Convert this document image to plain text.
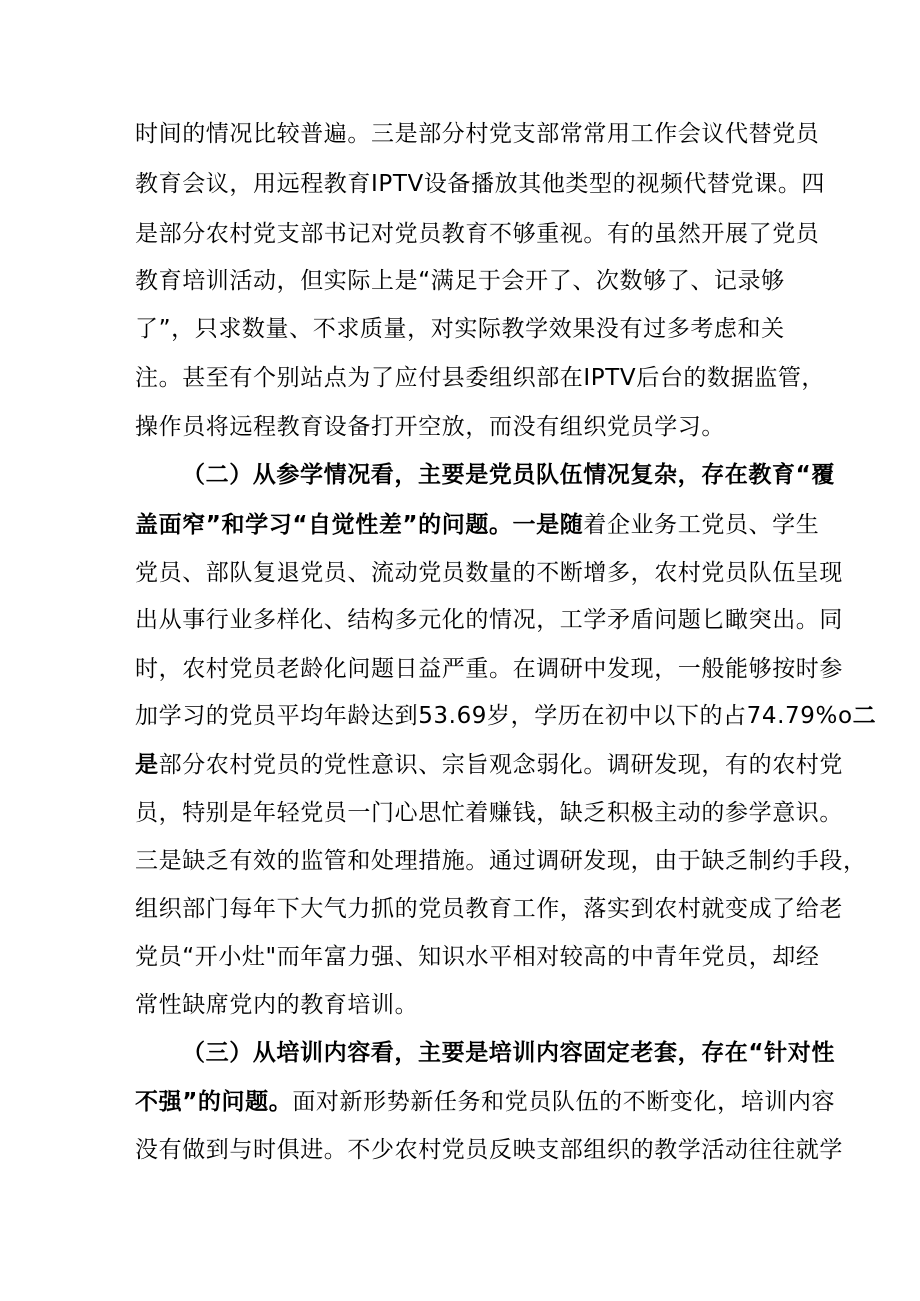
时间的情况比较普遍。三是部分村党支部常常用工作会议代替党员
教育会议，用远程教育IPTV设备播放其他类型的视频代替党课。四
是部分农村党支部书记对党员教育不够重视。有的虽然开展了党员
教育培训活动，但实际上是“满足于会开了、次数够了、记录够
了”，只求数量、不求质量，对实际教学效果没有过多考虑和关
注。甚至有个别站点为了应付县委组织部在IPTV后台的数据监管，
操作员将远程教育设备打开空放，而没有组织党员学习。
（二）从参学情况看，主要是党员队伍情况复杂，存在教育“覆
盖面窄”和学习“自觉性差”的问题。一是随着企业务工党员、学生
党员、部队复退党员、流动党员数量的不断增多，农村党员队伍呈现
出从事行业多样化、结构多元化的情况，工学矛盾问题匕瞰突出。同
时，农村党员老龄化问题日益严重。在调研中发现，一般能够按时参
加学习的党员平均年龄达到53.69岁，学历在初中以下的占74.79%o二
是部分农村党员的党性意识、宗旨观念弱化。调研发现，有的农村党
员，特别是年轻党员一门心思忙着赚钱，缺乏积极主动的参学意识。
三是缺乏有效的监管和处理措施。通过调研发现，由于缺乏制约手段，
组织部门每年下大气力抓的党员教育工作，落实到农村就变成了给老
党员“开小灶"而年富力强、知识水平相对较高的中青年党员，却经
常性缺席党内的教育培训。
（三）从培训内容看，主要是培训内容固定老套，存在“针对性
不强”的问题。面对新形势新任务和党员队伍的不断变化，培训内容
没有做到与时俱进。不少农村党员反映支部组织的教学活动往往就学
